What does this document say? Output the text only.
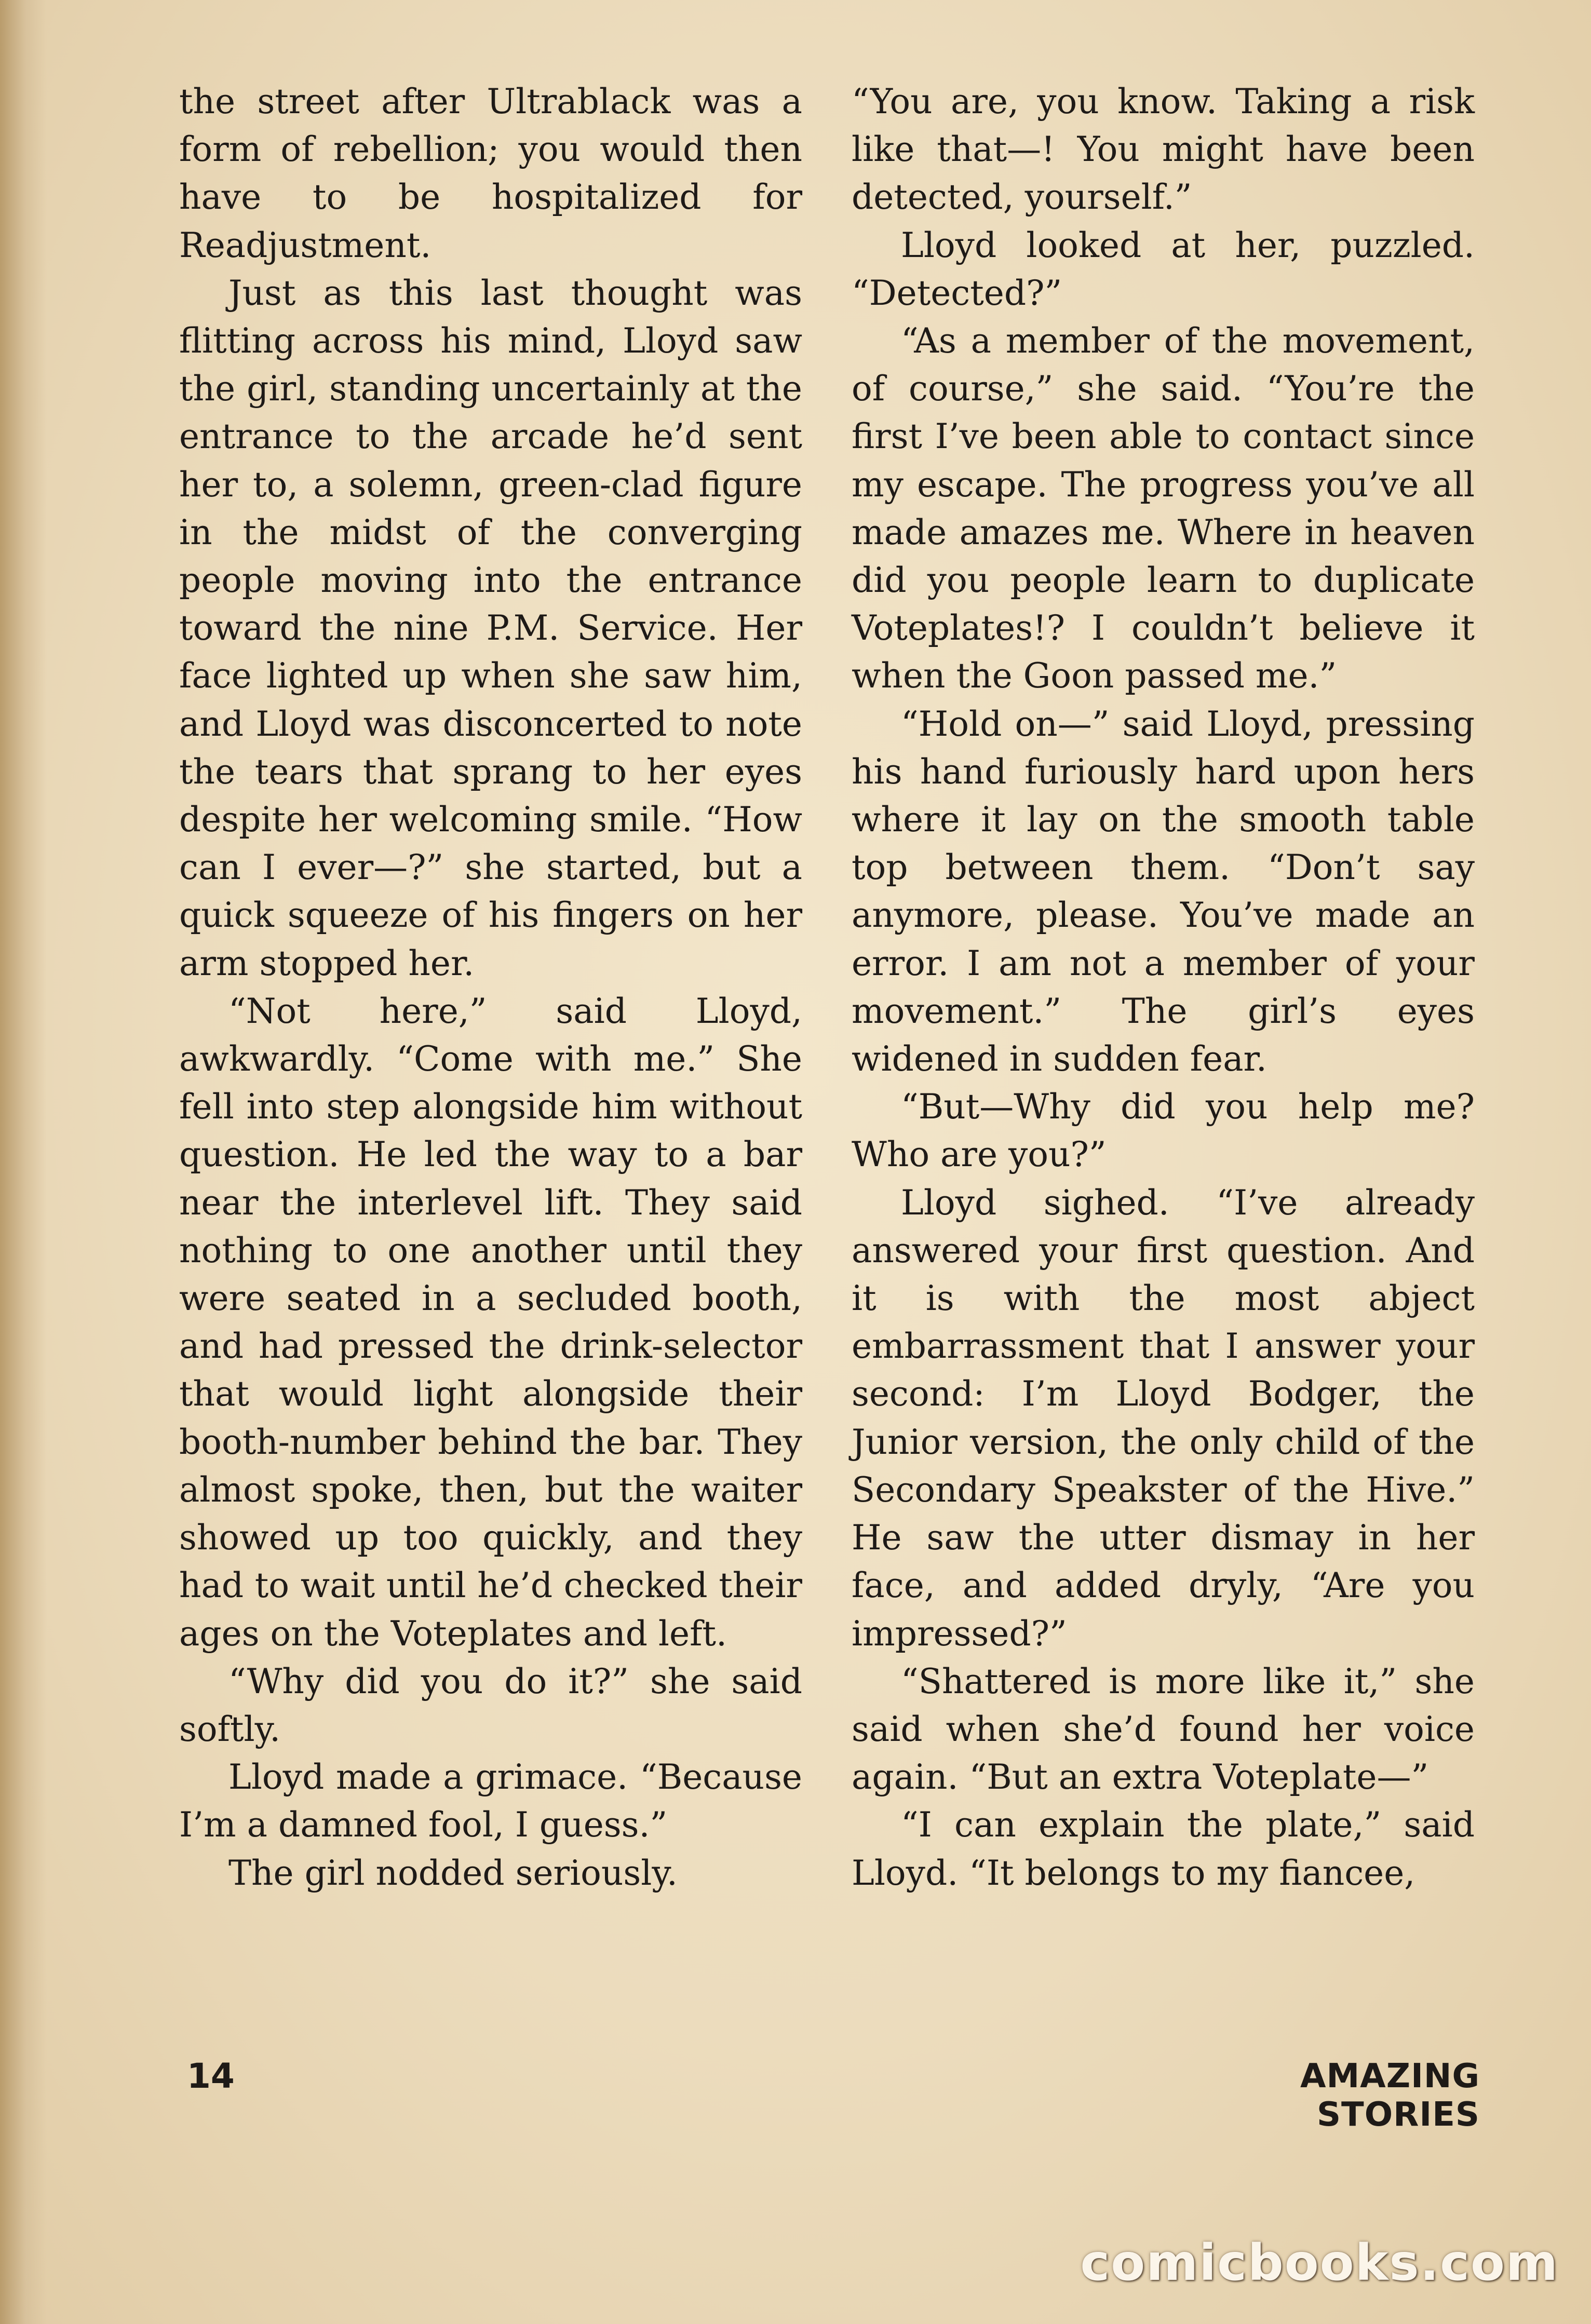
the street after Ultrablack was a form of rebellion; you would then have to be hospitalized for Readjustment.

Just as this last thought was flitting across his mind, Lloyd saw the girl, standing uncertainly at the entrance to the arcade he’d sent her to, a solemn, green-clad figure in the midst of the converging people moving into the entrance toward the nine P.M. Service. Her face lighted up when she saw him, and Lloyd was disconcerted to note the tears that sprang to her eyes despite her welcoming smile. “How can I ever—?” she started, but a quick squeeze of his fingers on her arm stopped her.

“Not here,” said Lloyd, awkwardly. “Come with me.” She fell into step alongside him without question. He led the way to a bar near the interlevel lift. They said nothing to one another until they were seated in a secluded booth, and had pressed the drink-selector that would light alongside their booth-number behind the bar. They almost spoke, then, but the waiter showed up too quickly, and they had to wait until he’d checked their ages on the Voteplates and left.

“Why did you do it?” she said softly.

Lloyd made a grimace. “Because I’m a damned fool, I guess.”

The girl nodded seriously.

“You are, you know. Taking a risk like that—! You might have been detected, yourself.”

Lloyd looked at her, puzzled. “Detected?”

“As a member of the movement, of course,” she said. “You’re the first I’ve been able to contact since my escape. The progress you’ve all made amazes me. Where in heaven did you people learn to duplicate Voteplates!? I couldn’t believe it when the Goon passed me.”

“Hold on—” said Lloyd, pressing his hand furiously hard upon hers where it lay on the smooth table top between them. “Don’t say anymore, please. You’ve made an error. I am not a member of your movement.” The girl’s eyes widened in sudden fear.

“But—Why did you help me? Who are you?”

Lloyd sighed. “I’ve already answered your first question. And it is with the most abject embarrassment that I answer your second: I’m Lloyd Bodger, the Junior version, the only child of the Secondary Speakster of the Hive.” He saw the utter dismay in her face, and added dryly, “Are you impressed?”

“Shattered is more like it,” she said when she’d found her voice again. “But an extra Voteplate—”

“I can explain the plate,” said Lloyd. “It belongs to my fiancee,

14	AMAZING STORIES
comicbooks.com
